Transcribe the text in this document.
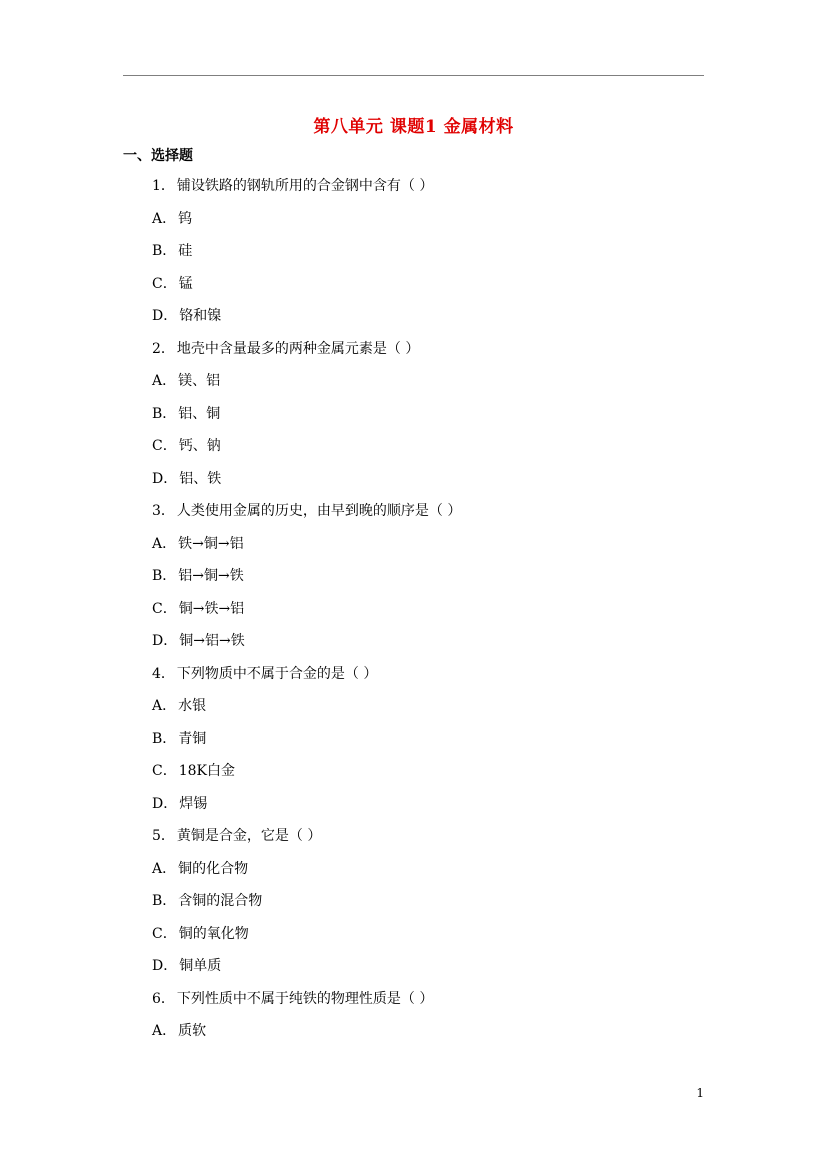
第八单元 课题1 金属材料
一、选择题
1． 铺设铁路的钢轨所用的合金钢中含有（ ）
A． 钨
B． 硅
C． 锰
D． 铬和镍
2． 地壳中含量最多的两种金属元素是（ ）
A． 镁、铝
B． 铝、铜
C． 钙、钠
D． 铝、铁
3． 人类使用金属的历史，由早到晚的顺序是（ ）
A． 铁→铜→铝
B． 铝→铜→铁
C． 铜→铁→铝
D． 铜→铝→铁
4． 下列物质中不属于合金的是（ ）
A． 水银
B． 青铜
C． 18K白金
D． 焊锡
5． 黄铜是合金，它是（ ）
A． 铜的化合物
B． 含铜的混合物
C． 铜的氧化物
D． 铜单质
6． 下列性质中不属于纯铁的物理性质是（ ）
A． 质软
1
